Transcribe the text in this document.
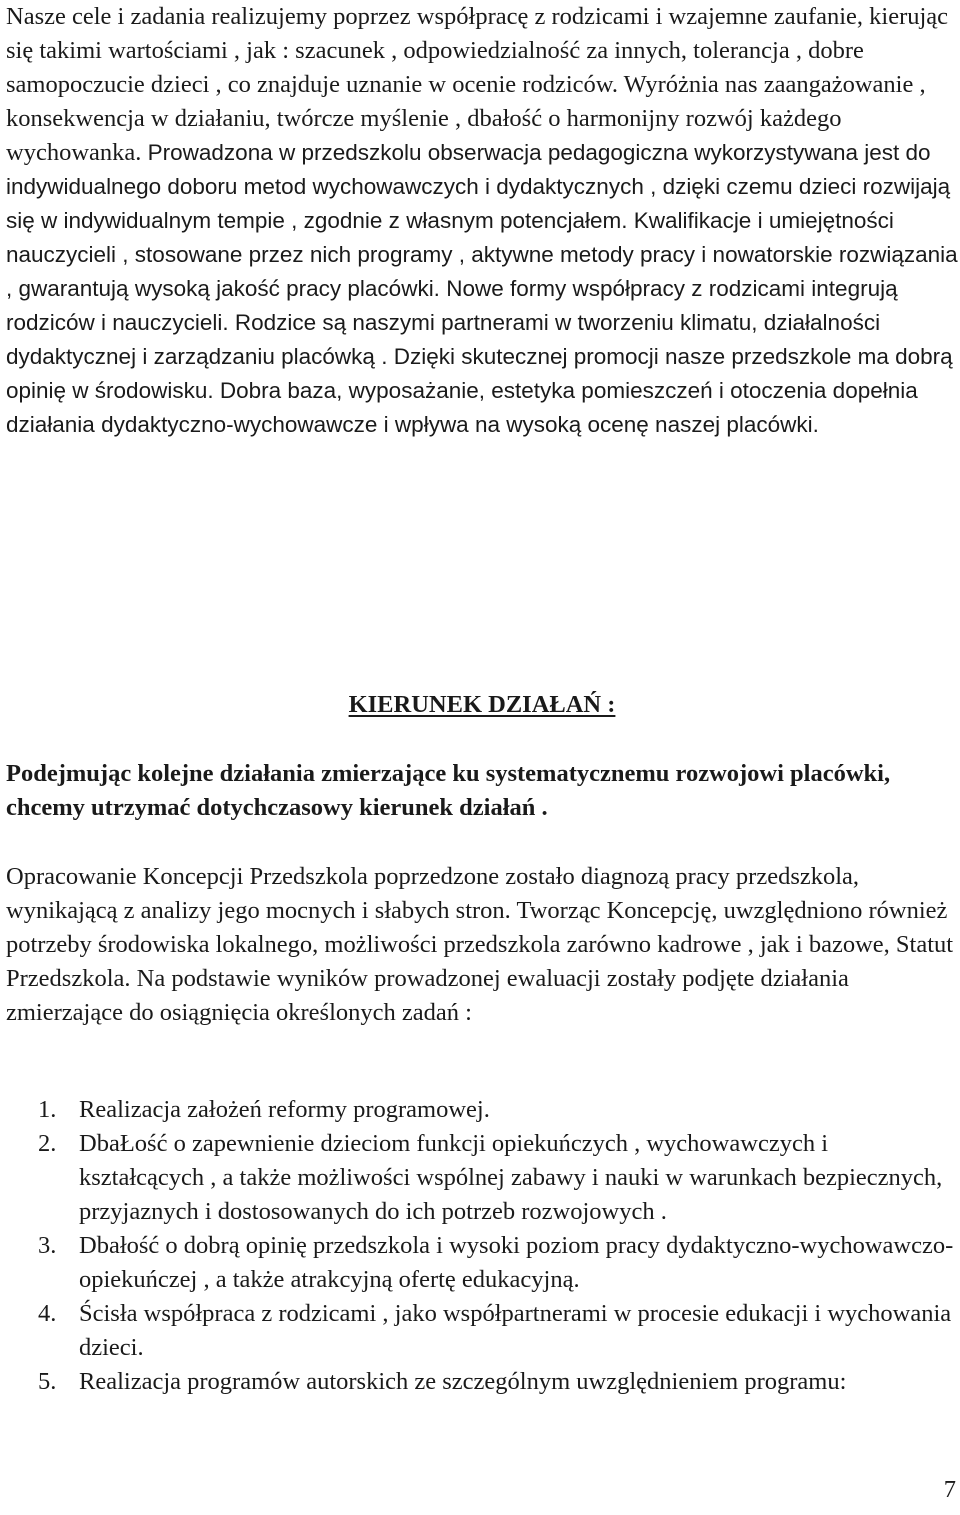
Nasze cele i zadania realizujemy poprzez współpracę z rodzicami i wzajemne zaufanie, kierując się takimi wartościami , jak : szacunek , odpowiedzialność za innych, tolerancja , dobre samopoczucie dzieci , co znajduje uznanie w ocenie rodziców. Wyróżnia nas zaangażowanie , konsekwencja w działaniu, twórcze myślenie , dbałość o harmonijny rozwój każdego wychowanka. Prowadzona w przedszkolu obserwacja pedagogiczna wykorzystywana jest do indywidualnego doboru metod wychowawczych i dydaktycznych , dzięki czemu dzieci rozwijają się w indywidualnym tempie , zgodnie z własnym potencjałem. Kwalifikacje i umiejętności nauczycieli , stosowane przez nich programy , aktywne metody pracy i nowatorskie rozwiązania , gwarantują wysoką jakość pracy placówki. Nowe formy współpracy z rodzicami integrują rodziców i nauczycieli. Rodzice są naszymi partnerami w tworzeniu klimatu, działalności dydaktycznej i zarządzaniu placówką . Dzięki skutecznej promocji nasze przedszkole ma dobrą opinię w środowisku. Dobra baza, wyposażanie, estetyka pomieszczeń i otoczenia dopełnia działania dydaktyczno-wychowawcze i wpływa na wysoką ocenę naszej placówki.

KIERUNEK DZIAŁAŃ :

Podejmując kolejne działania zmierzające ku systematycznemu rozwojowi placówki, chcemy utrzymać dotychczasowy kierunek działań .

Opracowanie Koncepcji Przedszkola poprzedzone zostało diagnozą pracy przedszkola, wynikającą z analizy jego mocnych i słabych stron. Tworząc Koncepcję, uwzględniono również potrzeby środowiska lokalnego, możliwości przedszkola zarówno kadrowe , jak i bazowe, Statut Przedszkola. Na podstawie wyników prowadzonej ewaluacji zostały podjęte działania zmierzające do osiągnięcia określonych zadań :

1. Realizacja założeń reformy programowej.
2. DbaŁość o zapewnienie dzieciom funkcji opiekuńczych , wychowawczych i kształcących , a także możliwości wspólnej zabawy i nauki w warunkach bezpiecznych, przyjaznych i dostosowanych do ich potrzeb rozwojowych .
3. Dbałość o dobrą opinię przedszkola i wysoki poziom pracy dydaktyczno-wychowawczo-opiekuńczej , a także atrakcyjną ofertę edukacyjną.
4. Ścisła współpraca z rodzicami , jako współpartnerami w procesie edukacji i wychowania dzieci.
5. Realizacja programów autorskich ze szczególnym uwzględnieniem programu:
7
